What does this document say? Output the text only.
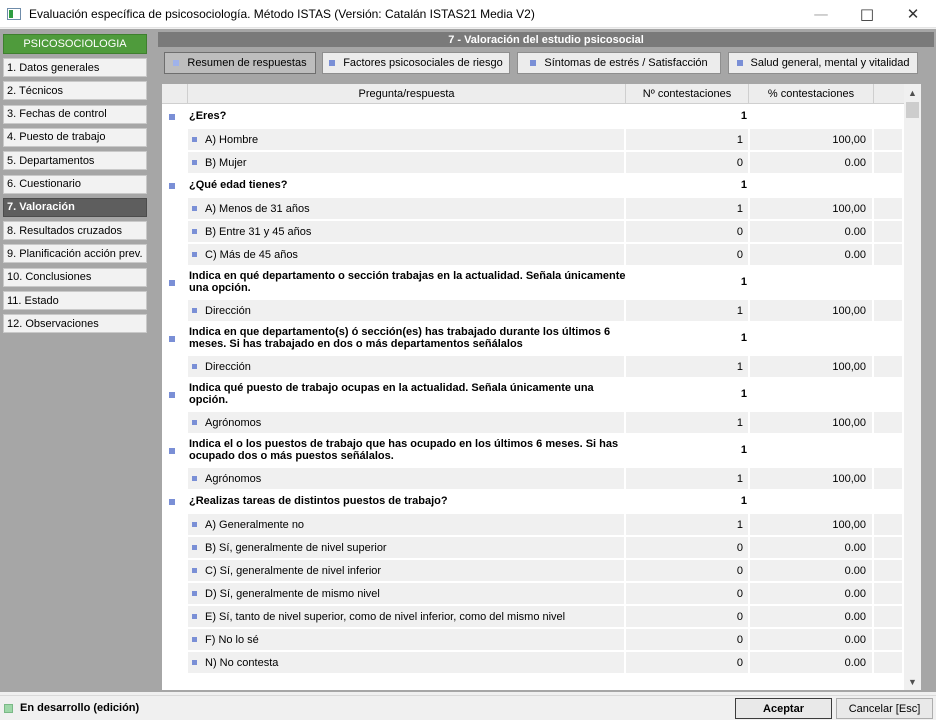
Evaluación específica de psicosociología. Método ISTAS (Versión: Catalán ISTAS21 Media V2)	—	□	✕
PSICOSOCIOLOGIA
1. Datos generales
2. Técnicos
3. Fechas de control
4. Puesto de trabajo
5. Departamentos
6. Cuestionario
7. Valoración
8. Resultados cruzados
9. Planificación acción prev.
10. Conclusiones
11. Estado
12. Observaciones
7 - Valoración del estudio psicosocial
Resumen de respuestas	Factores psicosociales de riesgo	Síntomas de estrés / Satisfacción	Salud general, mental y vitalidad
Pregunta/respuesta	Nº contestaciones	% contestaciones
¿Eres?	1
A) Hombre	1	100,00
B) Mujer	0	0.00
¿Qué edad tienes?	1
A) Menos de 31 años	1	100,00
B) Entre 31 y 45 años	0	0.00
C) Más de 45 años	0	0.00
Indica en qué departamento o sección trabajas en la actualidad. Señala únicamente una opción.	1
Dirección	1	100,00
Indica en que departamento(s) ó sección(es) has trabajado durante los últimos 6 meses. Si has trabajado en dos o más departamentos señálalos	1
Dirección	1	100,00
Indica qué puesto de trabajo ocupas en la actualidad. Señala únicamente una opción.	1
Agrónomos	1	100,00
Indica el o los puestos de trabajo que has ocupado en los últimos 6 meses. Si has ocupado dos o más puestos señálalos.	1
Agrónomos	1	100,00
¿Realizas tareas de distintos puestos de trabajo?	1
A) Generalmente no	1	100,00
B) Sí, generalmente de nivel superior	0	0.00
C) Sí, generalmente de nivel inferior	0	0.00
D) Sí, generalmente de mismo nivel	0	0.00
E) Sí, tanto de nivel superior, como de nivel inferior, como del mismo nivel	0	0.00
F) No lo sé	0	0.00
N) No contesta	0	0.00
▲
▼
En desarrollo (edición)	Aceptar	Cancelar [Esc]
